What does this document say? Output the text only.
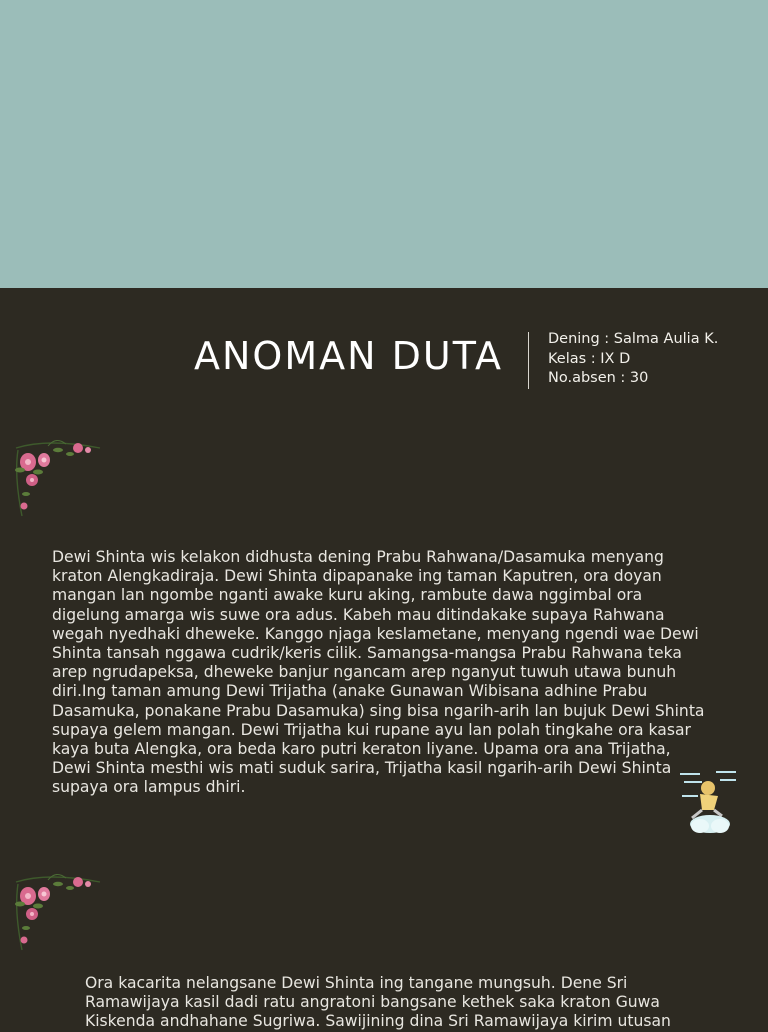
ANOMAN DUTA	Dening : Salma Aulia K.
Kelas : IX D
No.absen : 30
Dewi Shinta wis kelakon didhusta dening Prabu Rahwana/Dasamuka menyang
kraton Alengkadiraja. Dewi Shinta dipapanake ing taman Kaputren, ora doyan
mangan lan ngombe nganti awake kuru aking, rambute dawa nggimbal ora
digelung amarga wis suwe ora adus. Kabeh mau ditindakake supaya Rahwana
wegah nyedhaki dheweke. Kanggo njaga keslametane, menyang ngendi wae Dewi
Shinta tansah nggawa cudrik/keris cilik. Samangsa-mangsa Prabu Rahwana teka
arep ngrudapeksa, dheweke banjur ngancam arep nganyut tuwuh utawa bunuh
diri.Ing taman amung Dewi Trijatha (anake Gunawan Wibisana adhine Prabu
Dasamuka, ponakane Prabu Dasamuka) sing bisa ngarih-arih lan bujuk Dewi Shinta
supaya gelem mangan. Dewi Trijatha kui rupane ayu lan polah tingkahe ora kasar
kaya buta Alengka, ora beda karo putri keraton liyane. Upama ora ana Trijatha,
Dewi Shinta mesthi wis mati suduk sarira, Trijatha kasil ngarih-arih Dewi Shinta
supaya ora lampus dhiri.
Ora kacarita nelangsane Dewi Shinta ing tangane mungsuh. Dene Sri
Ramawijaya kasil dadi ratu angratoni bangsane kethek saka kraton Guwa
Kiskenda andhahane Sugriwa. Sawijining dina Sri Ramawijaya kirim utusan
